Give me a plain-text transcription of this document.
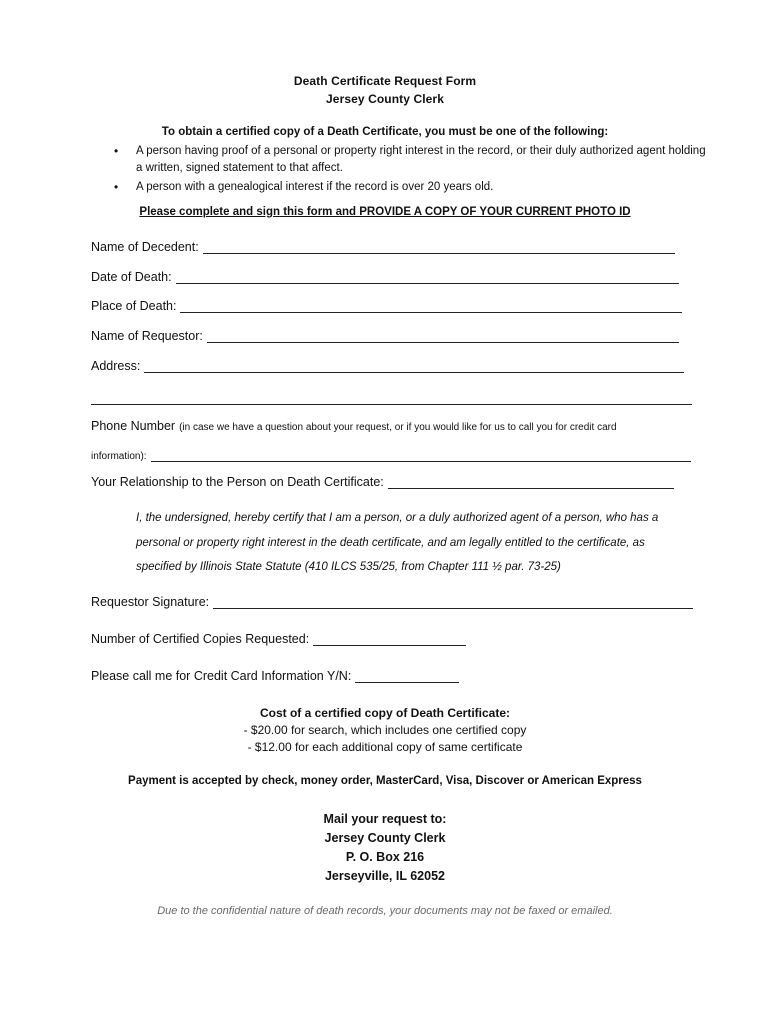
Death Certificate Request Form
Jersey County Clerk
To obtain a certified copy of a Death Certificate, you must be one of the following:
• A person having proof of a personal or property right interest in the record, or their duly authorized agent holding a written, signed statement to that affect.
• A person with a genealogical interest if the record is over 20 years old.
Please complete and sign this form and PROVIDE A COPY OF YOUR CURRENT PHOTO ID
Name of Decedent:
Date of Death:
Place of Death:
Name of Requestor:
Address:
Phone Number (in case we have a question about your request, or if you would like for us to call you for credit card
information):
Your Relationship to the Person on Death Certificate:
I, the undersigned, hereby certify that I am a person, or a duly authorized agent of a person, who has a
personal or property right interest in the death certificate, and am legally entitled to the certificate, as
specified by Illinois State Statute (410 ILCS 535/25, from Chapter 111 ½ par. 73-25)
Requestor Signature:
Number of Certified Copies Requested:
Please call me for Credit Card Information Y/N:
Cost of a certified copy of Death Certificate:
- $20.00 for search, which includes one certified copy
- $12.00 for each additional copy of same certificate
Payment is accepted by check, money order, MasterCard, Visa, Discover or American Express
Mail your request to:
Jersey County Clerk
P. O. Box 216
Jerseyville, IL 62052
Due to the confidential nature of death records, your documents may not be faxed or emailed.
